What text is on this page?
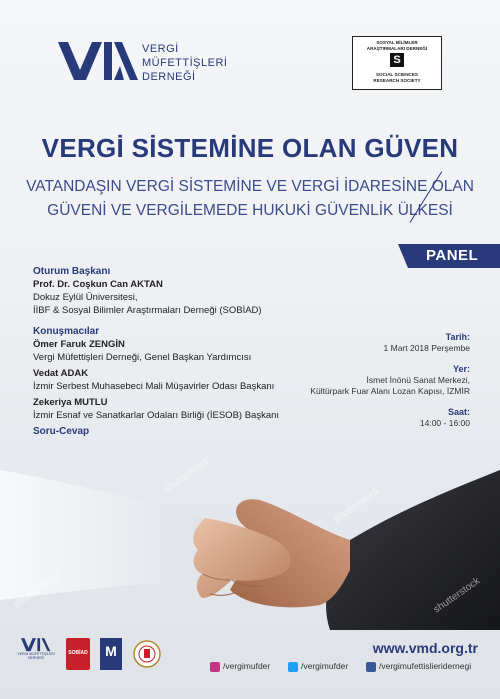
VERGİ
MÜFETTİŞLERİ
DERNEĞİ
SOSYAL BİLİMLER
ARAŞTIRMALARI DERNEĞİ
S
SOCIAL SCIENCES
RESEARCH SOCIETY
VERGİ SİSTEMİNE OLAN GÜVEN
VATANDAŞIN VERGİ SİSTEMİNE VE VERGİ İDARESİNE OLAN GÜVENİ VE VERGİLEMEDE HUKUKİ GÜVENLİK ÜLKESİ
PANEL
Oturum Başkanı
Prof. Dr. Coşkun Can AKTAN
Dokuz Eylül Üniversitesi,
İİBF & Sosyal Bilimler Araştırmaları Derneği (SOBİAD)
Konuşmacılar
Ömer Faruk ZENGİN
Vergi Müfettişleri Derneği, Genel Başkan Yardımcısı
Vedat ADAK
İzmir Serbest Muhasebeci Mali Müşavirler Odası Başkanı
Zekeriya MUTLU
İzmir Esnaf ve Sanatkarlar Odaları Birliği (İESOB) Başkanı
Soru-Cevap
Tarih:
1 Mart 2018 Perşembe
Yer:
İsmet İnönü Sanat Merkezi,
Kültürpark Fuar Alanı Lozan Kapısı, İZMİR
Saat:
14:00 - 16:00
shutterstock
shutterstock
shutterstock
shutterstock
VERGİ MÜFETTİŞLERİ DERNEĞİ
SOBİAD	M	www.vmd.org.tr
/vergimufder	/vergimufder	/vergimufettislieridernegi
